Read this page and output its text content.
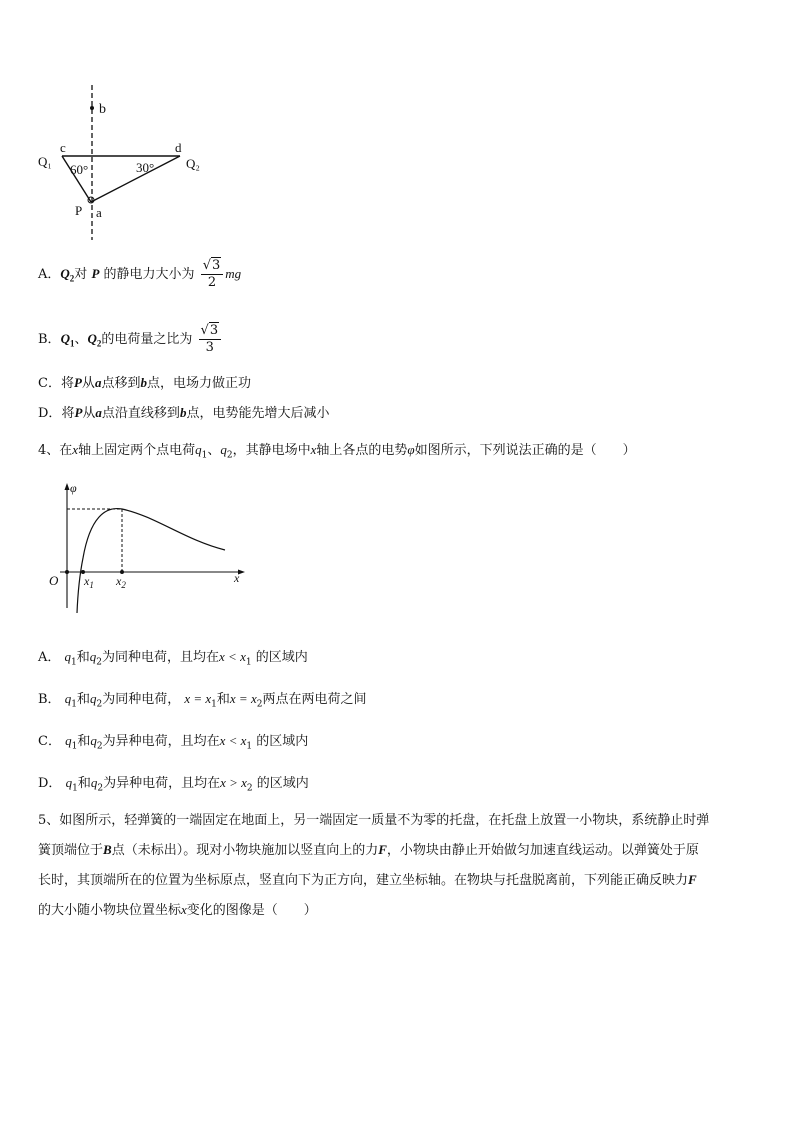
b
c	d
Q₁	Q₂
60°	30°
P a
A．$Q_2$对 P 的静电力大小为 $\frac{√3}{2}$ mg
B．$Q_1$、$Q_2$的电荷量之比为 $\frac{√3}{3}$
C．将P从a点移到b点，电场力做正功
D．将P从a点沿直线移到b点，电势能先增大后减小
4、在x轴上固定两个点电荷$q_1$、$q_2$，其静电场中x轴上各点的电势φ如图所示，下列说法正确的是（　　）
φ
O $x_1$ $x_2$	x
A． $q_1$和$q_2$为同种电荷，且均在$x < x_1$ 的区域内
B． $q_1$和$q_2$为同种电荷， $x = x_1$和$x = x_2$两点在两电荷之间
C． $q_1$和$q_2$为异种电荷，且均在$x < x_1$ 的区域内
D． $q_1$和$q_2$为异种电荷，且均在$x > x_2$ 的区域内
5、如图所示，轻弹簧的一端固定在地面上，另一端固定一质量不为零的托盘，在托盘上放置一小物块，系统静止时弹
簧顶端位于B点（未标出）。现对小物块施加以竖直向上的力F，小物块由静止开始做匀加速直线运动。以弹簧处于原
长时，其顶端所在的位置为坐标原点，竖直向下为正方向，建立坐标轴。在物块与托盘脱离前，下列能正确反映力F
的大小随小物块位置坐标x变化的图像是（　　）
